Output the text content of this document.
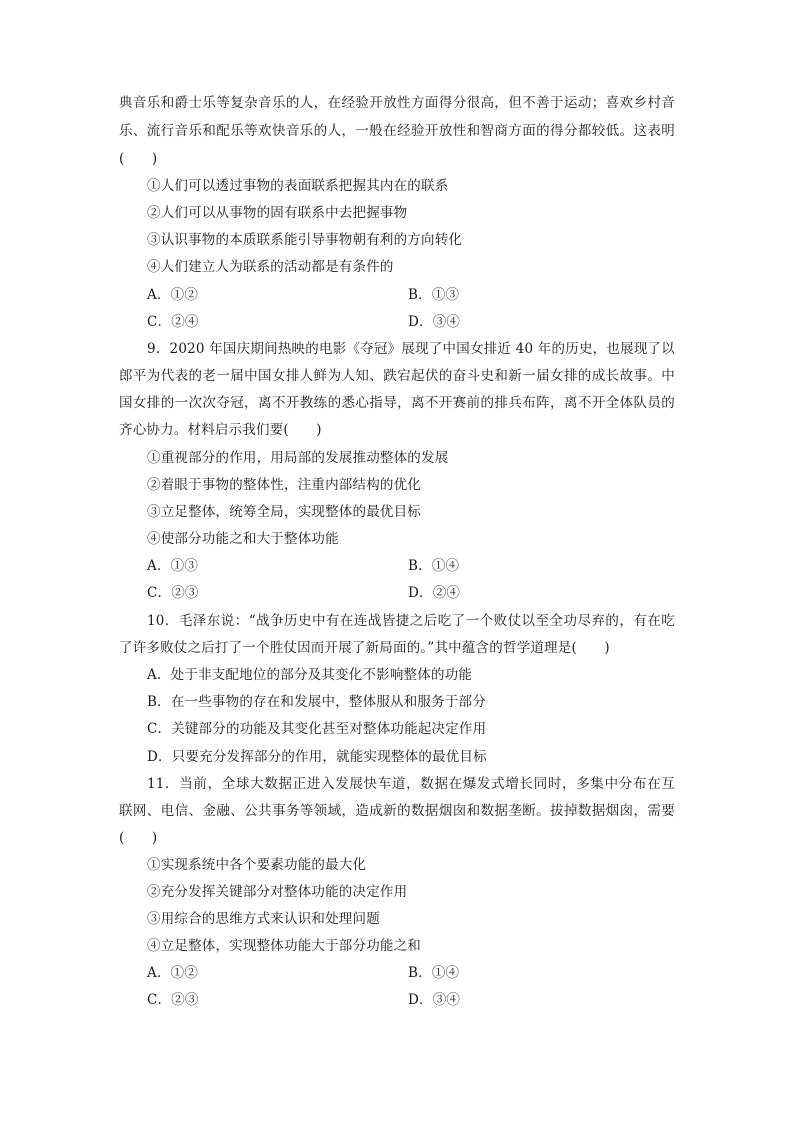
典音乐和爵士乐等复杂音乐的人，在经验开放性方面得分很高，但不善于运动；喜欢乡村音
乐、流行音乐和配乐等欢快音乐的人，一般在经验开放性和智商方面的得分都较低。这表明
(　　)
①人们可以透过事物的表面联系把握其内在的联系
②人们可以从事物的固有联系中去把握事物
③认识事物的本质联系能引导事物朝有利的方向转化
④人们建立人为联系的活动都是有条件的
A．①②	B．①③
C．②④	D．③④
9．2020 年国庆期间热映的电影《夺冠》展现了中国女排近 40 年的历史，也展现了以
郎平为代表的老一届中国女排人鲜为人知、跌宕起伏的奋斗史和新一届女排的成长故事。中
国女排的一次次夺冠，离不开教练的悉心指导，离不开赛前的排兵布阵，离不开全体队员的
齐心协力。材料启示我们要(　　)
①重视部分的作用，用局部的发展推动整体的发展
②着眼于事物的整体性，注重内部结构的优化
③立足整体，统筹全局，实现整体的最优目标
④使部分功能之和大于整体功能
A．①③	B．①④
C．②③	D．②④
10．毛泽东说：“战争历史中有在连战皆捷之后吃了一个败仗以至全功尽弃的，有在吃
了许多败仗之后打了一个胜仗因而开展了新局面的。”其中蕴含的哲学道理是(　　)
A．处于非支配地位的部分及其变化不影响整体的功能
B．在一些事物的存在和发展中，整体服从和服务于部分
C．关键部分的功能及其变化甚至对整体功能起决定作用
D．只要充分发挥部分的作用，就能实现整体的最优目标
11．当前，全球大数据正进入发展快车道，数据在爆发式增长同时，多集中分布在互
联网、电信、金融、公共事务等领域，造成新的数据烟囱和数据垄断。拔掉数据烟囱，需要
(　　)
①实现系统中各个要素功能的最大化
②充分发挥关键部分对整体功能的决定作用
③用综合的思维方式来认识和处理问题
④立足整体，实现整体功能大于部分功能之和
A．①②	B．①④
C．②③	D．③④
